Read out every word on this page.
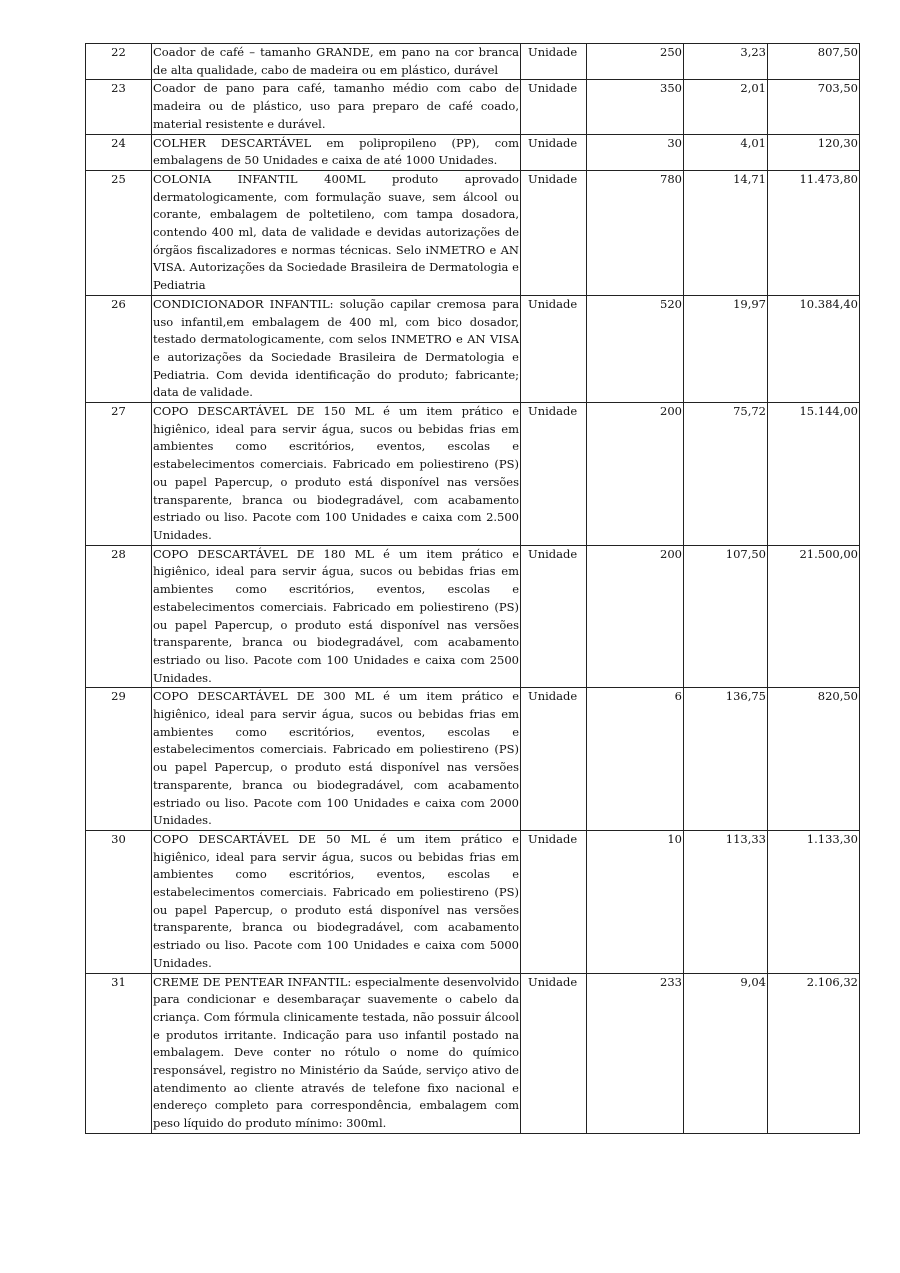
22	Coador de café – tamanho GRANDE, em pano na cor branca de alta qualidade, cabo de madeira ou em plástico, durável	Unidade	250	3,23	807,50
23	Coador de pano para café, tamanho médio com cabo de madeira ou de plástico, uso para preparo de café coado, material resistente e durável.	Unidade	350	2,01	703,50
24	COLHER DESCARTÁVEL em polipropileno (PP), com embalagens de 50 Unidades e caixa de até 1000 Unidades.	Unidade	30	4,01	120,30
25	COLONIA INFANTIL 400ML produto aprovado dermatologicamente, com formulação suave, sem álcool ou corante, embalagem de poltetileno, com tampa dosadora, contendo 400 ml, data de validade e devidas autorizações de órgãos fiscalizadores e normas técnicas. Selo iNMETRO e AN VISA. Autorizações da Sociedade Brasileira de Dermatologia e Pediatria	Unidade	780	14,71	11.473,80
26	CONDICIONADOR INFANTIL: solução capilar cremosa para uso infantil,em embalagem de 400 ml, com bico dosador, testado dermatologicamente, com selos INMETRO e AN VISA e autorizações da Sociedade Brasileira de Dermatologia e Pediatria. Com devida identificação do produto; fabricante; data de validade.	Unidade	520	19,97	10.384,40
27	COPO DESCARTÁVEL DE 150 ML é um item prático e higiênico, ideal para servir água, sucos ou bebidas frias em ambientes como escritórios, eventos, escolas e estabelecimentos comerciais. Fabricado em poliestireno (PS) ou papel Papercup, o produto está disponível nas versões transparente, branca ou biodegradável, com acabamento estriado ou liso. Pacote com 100 Unidades e caixa com 2.500 Unidades.	Unidade	200	75,72	15.144,00
28	COPO DESCARTÁVEL DE 180 ML é um item prático e higiênico, ideal para servir água, sucos ou bebidas frias em ambientes como escritórios, eventos, escolas e estabelecimentos comerciais. Fabricado em poliestireno (PS) ou papel Papercup, o produto está disponível nas versões transparente, branca ou biodegradável, com acabamento estriado ou liso. Pacote com 100 Unidades e caixa com 2500 Unidades.	Unidade	200	107,50	21.500,00
29	COPO DESCARTÁVEL DE 300 ML é um item prático e higiênico, ideal para servir água, sucos ou bebidas frias em ambientes como escritórios, eventos, escolas e estabelecimentos comerciais. Fabricado em poliestireno (PS) ou papel Papercup, o produto está disponível nas versões transparente, branca ou biodegradável, com acabamento estriado ou liso. Pacote com 100 Unidades e caixa com 2000 Unidades.	Unidade	6	136,75	820,50
30	COPO DESCARTÁVEL DE 50 ML é um item prático e higiênico, ideal para servir água, sucos ou bebidas frias em ambientes como escritórios, eventos, escolas e estabelecimentos comerciais. Fabricado em poliestireno (PS) ou papel Papercup, o produto está disponível nas versões transparente, branca ou biodegradável, com acabamento estriado ou liso. Pacote com 100 Unidades e caixa com 5000 Unidades.	Unidade	10	113,33	1.133,30
31	CREME DE PENTEAR INFANTIL: especialmente desenvolvido para condicionar e desembaraçar suavemente o cabelo da criança. Com fórmula clinicamente testada, não possuir álcool e produtos irritante. Indicação para uso infantil postado na embalagem. Deve conter no rótulo o nome do químico responsável, registro no Ministério da Saúde, serviço ativo de atendimento ao cliente através de telefone fixo nacional e endereço completo para correspondência, embalagem com peso líquido do produto mínimo: 300ml.	Unidade	233	9,04	2.106,32
